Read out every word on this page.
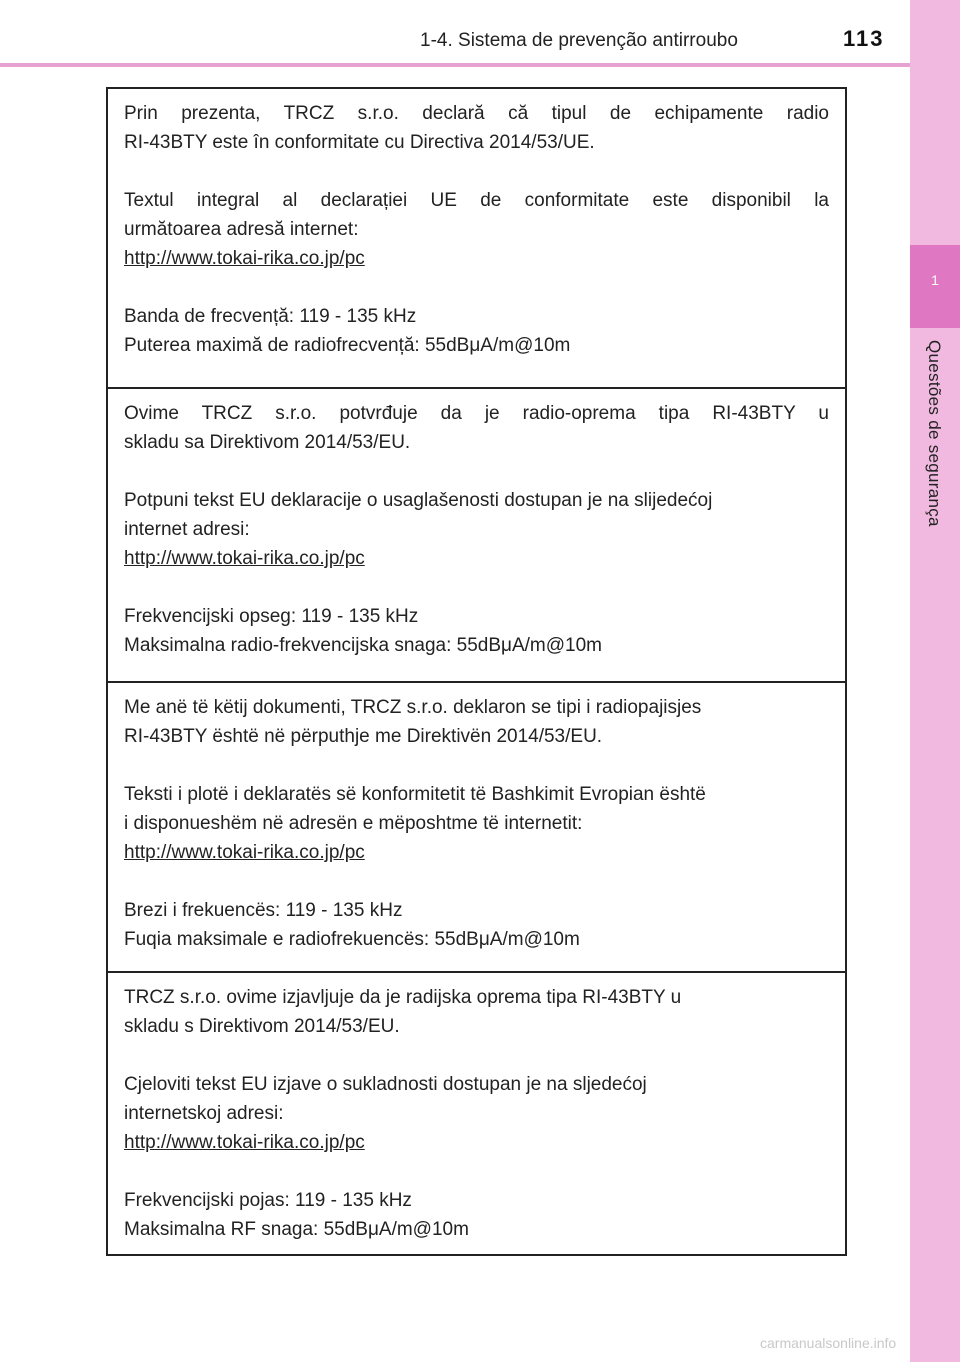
1-4. Sistema de prevenção antirroubo	113
1
Questões de segurança

Prin prezenta, TRCZ s.r.o. declară că tipul de echipamente radio

RI-43BTY este în conformitate cu Directiva 2014/53/UE.

Textul integral al declarației UE de conformitate este disponibil la

următoarea adresă internet:

http://www.tokai-rika.co.jp/pc

Banda de frecvență: 119 - 135 kHz

Puterea maximă de radiofrecvență: 55dBμA/m@10m

Ovime TRCZ s.r.o. potvrđuje da je radio-oprema tipa RI-43BTY u

skladu sa Direktivom 2014/53/EU.

Potpuni tekst EU deklaracije o usaglašenosti dostupan je na slijedećoj

internet adresi:

http://www.tokai-rika.co.jp/pc

Frekvencijski opseg: 119 - 135 kHz

Maksimalna radio-frekvencijska snaga: 55dBμA/m@10m

Me anë të këtij dokumenti, TRCZ s.r.o. deklaron se tipi i radiopajisjes

RI-43BTY është në përputhje me Direktivën 2014/53/EU.

Teksti i plotë i deklaratës së konformitetit të Bashkimit Evropian është

i disponueshëm në adresën e mëposhtme të internetit:

http://www.tokai-rika.co.jp/pc

Brezi i frekuencës: 119 - 135 kHz

Fuqia maksimale e radiofrekuencës: 55dBμA/m@10m

TRCZ s.r.o. ovime izjavljuje da je radijska oprema tipa RI-43BTY u

skladu s Direktivom 2014/53/EU.

Cjeloviti tekst EU izjave o sukladnosti dostupan je na sljedećoj

internetskoj adresi:

http://www.tokai-rika.co.jp/pc

Frekvencijski pojas: 119 - 135 kHz

Maksimalna RF snaga: 55dBμA/m@10m

carmanualsonline.info
